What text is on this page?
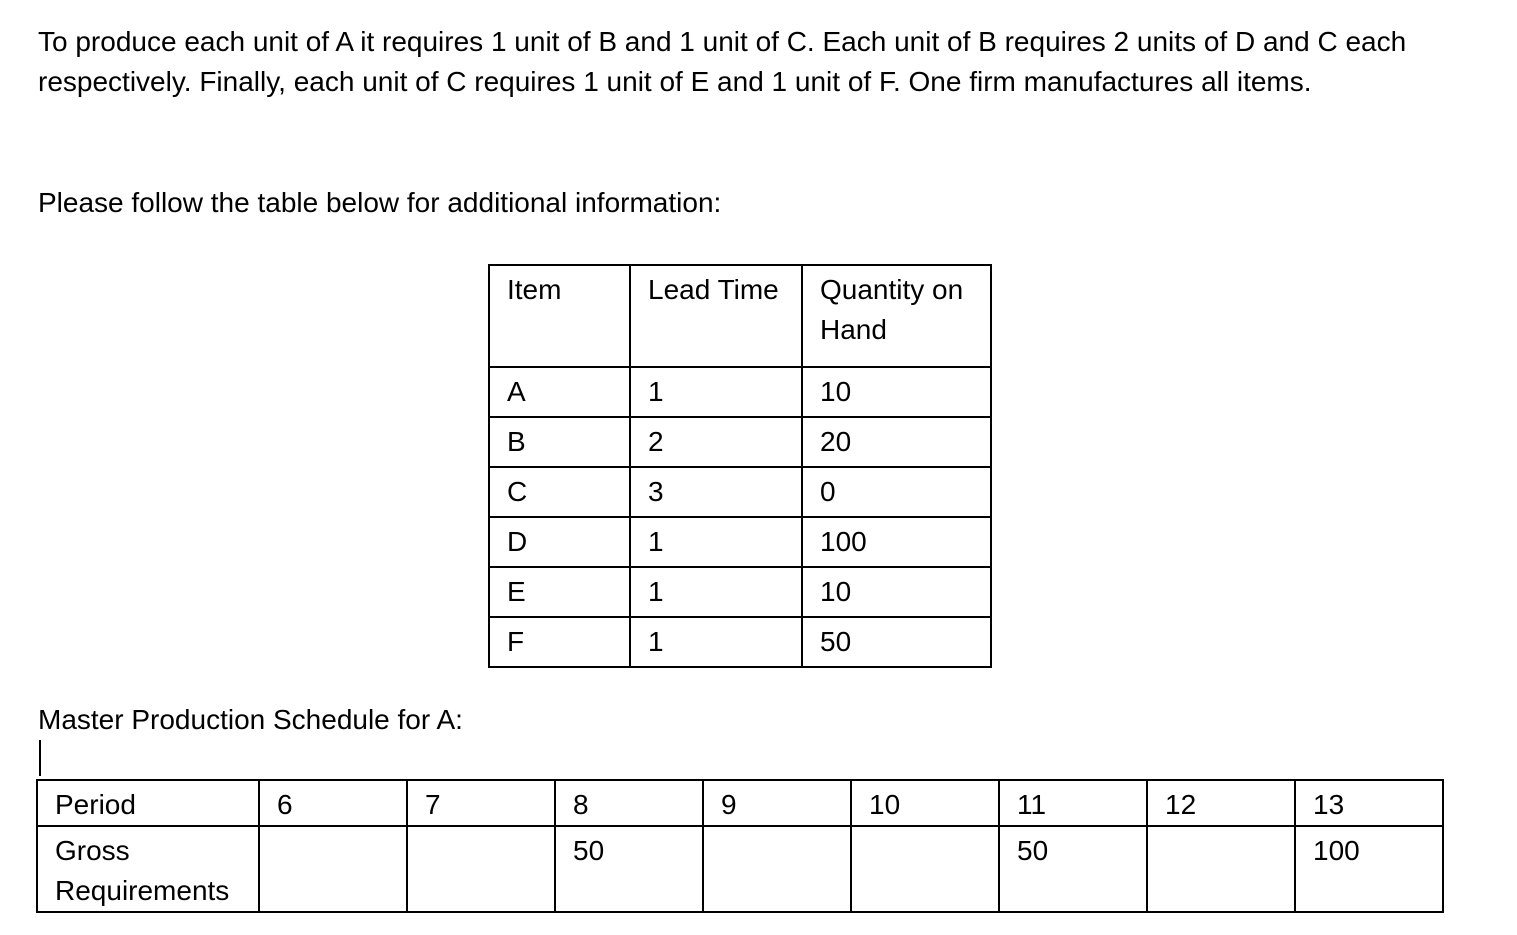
To produce each unit of A it requires 1 unit of B and 1 unit of C. Each unit of B requires 2 units of D and C each respectively. Finally, each unit of C requires 1 unit of E and 1 unit of F. One firm manufactures all items.

Please follow the table below for additional information:

Item	Lead Time	Quantity on Hand
A	1	10
B	2	20
C	3	0
D	1	100
E	1	10
F	1	50
Master Production Schedule for A:
Period	6	7	8	9	10	11	12	13
Gross Requirements			50			50		100
